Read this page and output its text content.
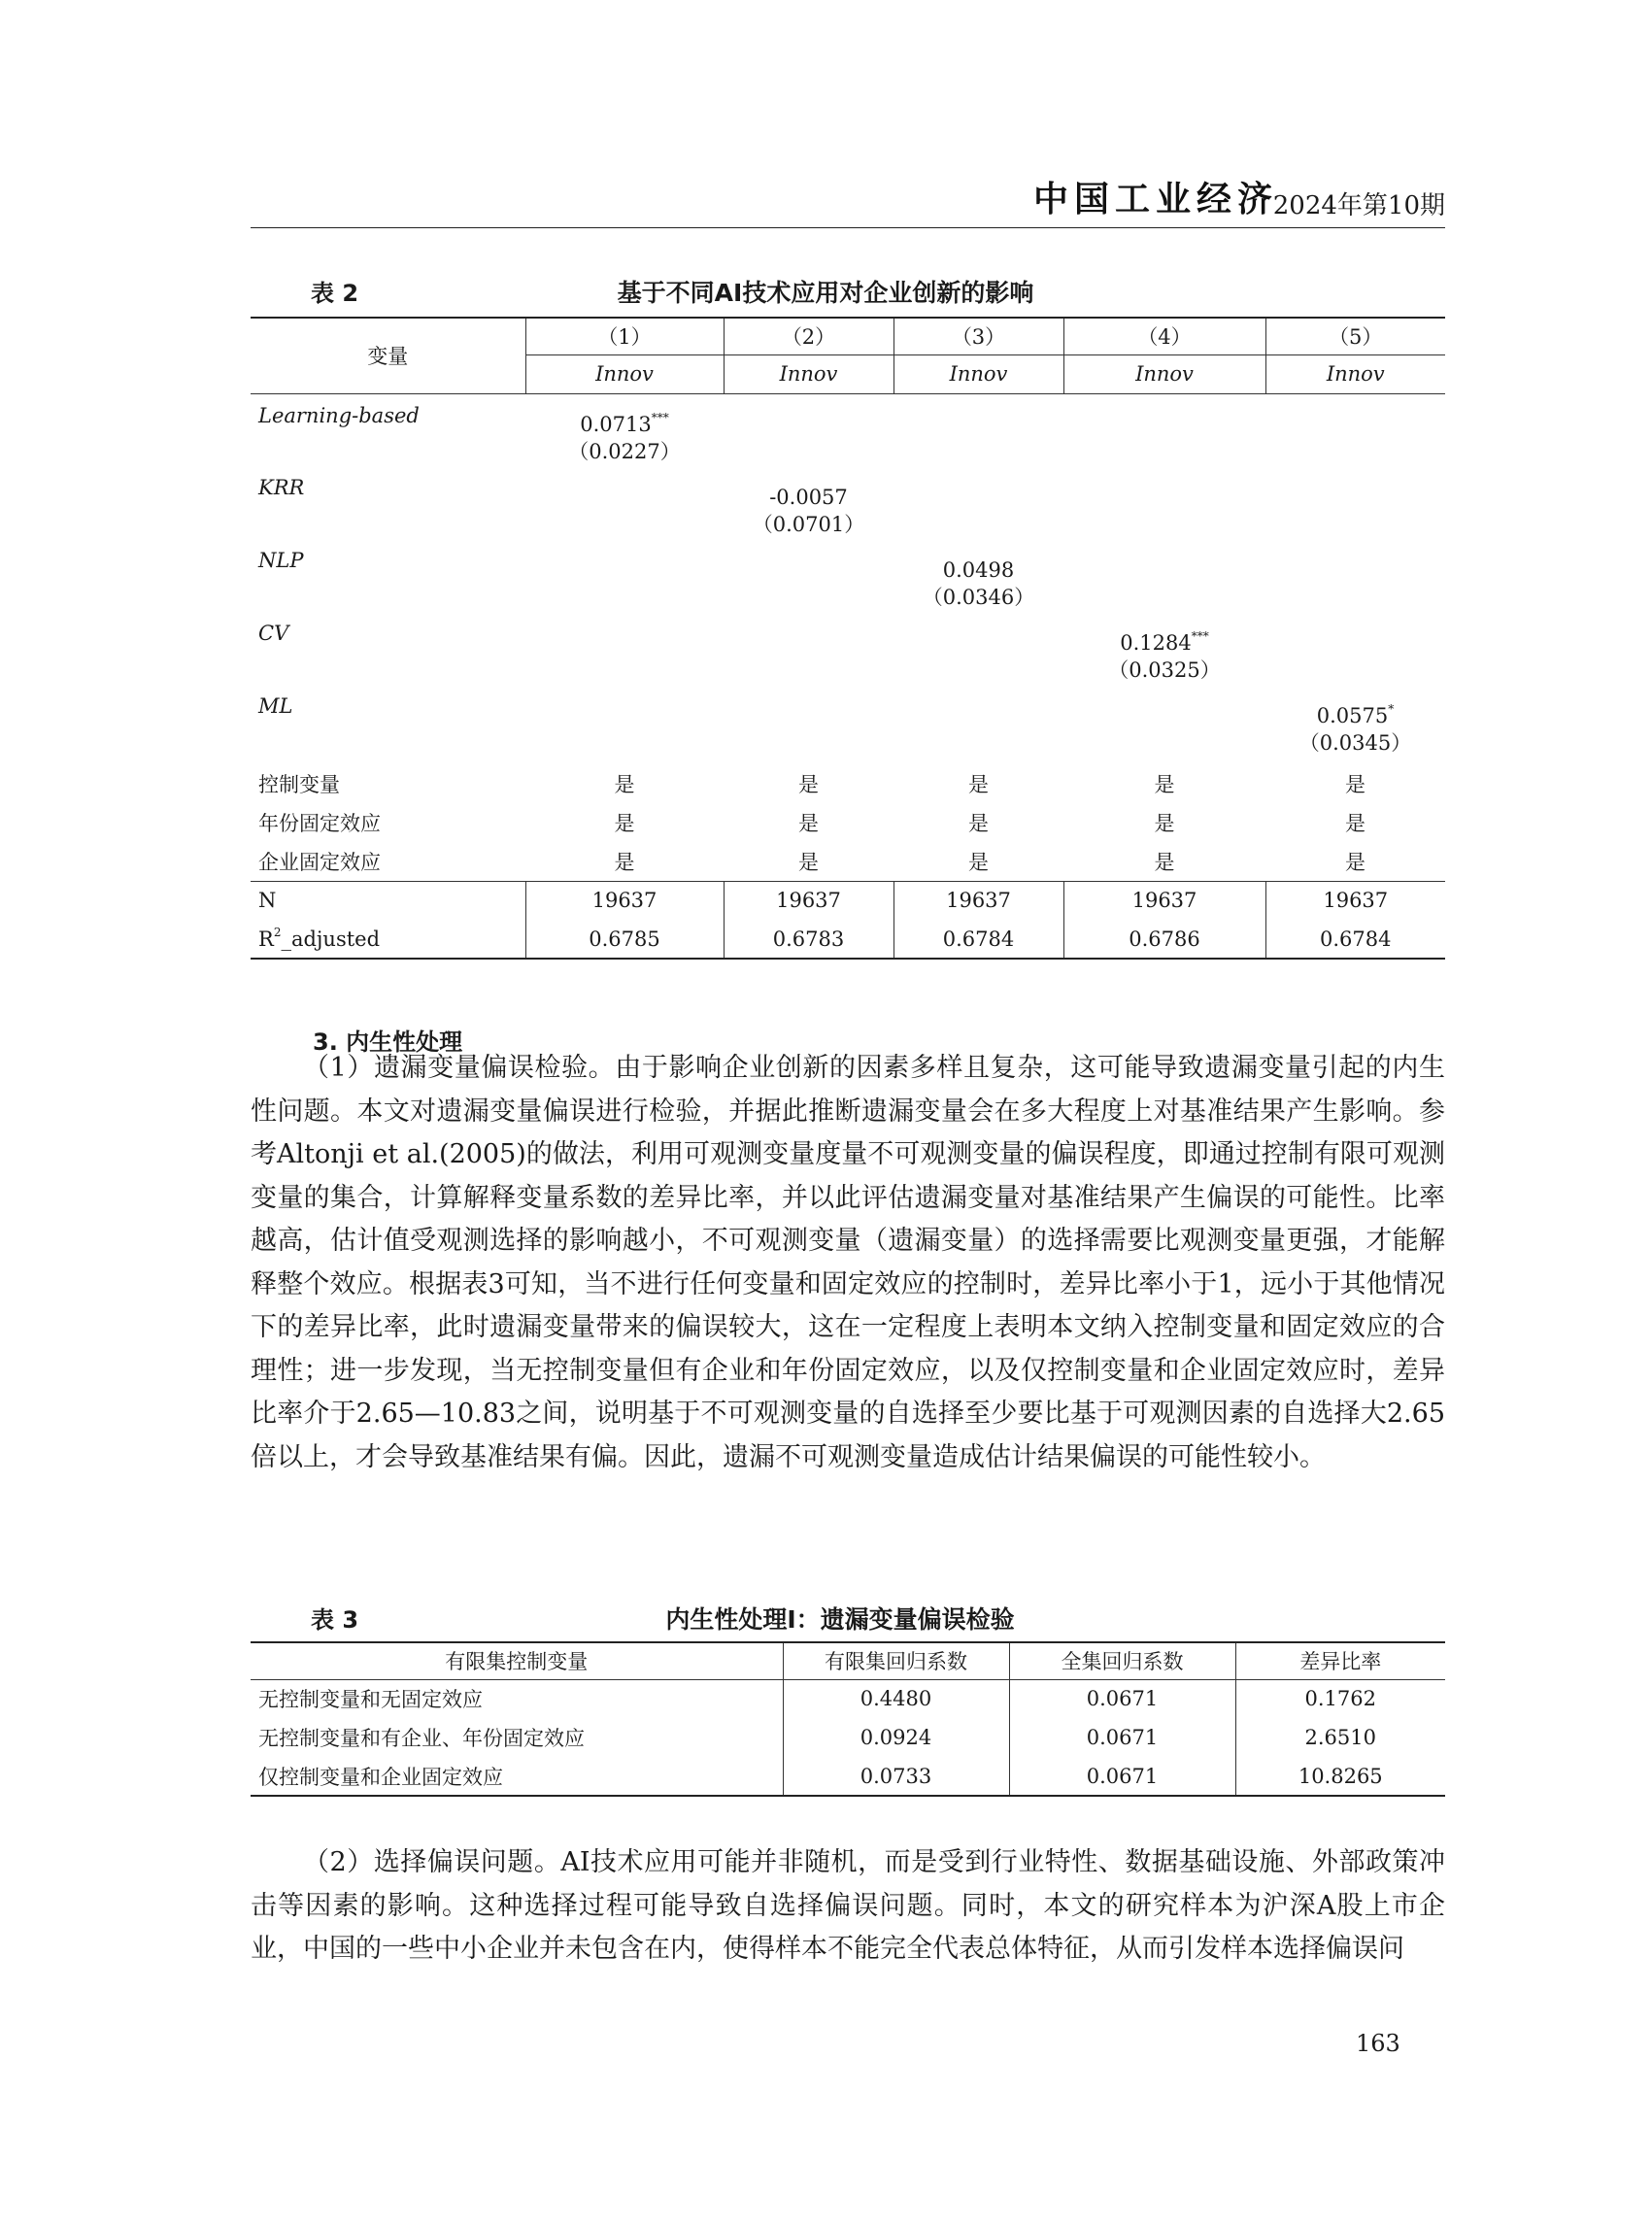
中国工业经济
2024年第10期
表 2	基于不同AI技术应用对企业创新的影响
变量	（1）	（2）	（3）	（4）	（5）
	Innov	Innov	Innov	Innov	Innov
Learning-based	0.0713***				
	（0.0227）				
KRR		-0.0057			
		（0.0701）			
NLP			0.0498		
			（0.0346）		
CV				0.1284***	
				（0.0325）	
ML					0.0575*
					（0.0345）
控制变量	是	是	是	是	是
年份固定效应	是	是	是	是	是
企业固定效应	是	是	是	是	是
N	19637	19637	19637	19637	19637
$R^2\_adjusted$	0.6785	0.6783	0.6784	0.6786	0.6784
3. 内生性处理
（1）遗漏变量偏误检验。由于影响企业创新的因素多样且复杂，这可能导致遗漏变量引起的内生性问题。本文对遗漏变量偏误进行检验，并据此推断遗漏变量会在多大程度上对基准结果产生影响。参考Altonji et al.(2005)的做法，利用可观测变量度量不可观测变量的偏误程度，即通过控制有限可观测变量的集合，计算解释变量系数的差异比率，并以此评估遗漏变量对基准结果产生偏误的可能性。比率越高，估计值受观测选择的影响越小，不可观测变量（遗漏变量）的选择需要比观测变量更强，才能解释整个效应。根据表3可知，当不进行任何变量和固定效应的控制时，差异比率小于1，远小于其他情况下的差异比率，此时遗漏变量带来的偏误较大，这在一定程度上表明本文纳入控制变量和固定效应的合理性；进一步发现，当无控制变量但有企业和年份固定效应，以及仅控制变量和企业固定效应时，差异比率介于2.65—10.83之间，说明基于不可观测变量的自选择至少要比基于可观测因素的自选择大2.65倍以上，才会导致基准结果有偏。因此，遗漏不可观测变量造成估计结果偏误的可能性较小。
表 3	内生性处理Ⅰ：遗漏变量偏误检验
有限集控制变量	有限集回归系数	全集回归系数	差异比率
无控制变量和无固定效应	0.4480	0.0671	0.1762
无控制变量和有企业、年份固定效应	0.0924	0.0671	2.6510
仅控制变量和企业固定效应	0.0733	0.0671	10.8265
（2）选择偏误问题。AI技术应用可能并非随机，而是受到行业特性、数据基础设施、外部政策冲击等因素的影响。这种选择过程可能导致自选择偏误问题。同时，本文的研究样本为沪深A股上市企业，中国的一些中小企业并未包含在内，使得样本不能完全代表总体特征，从而引发样本选择偏误问
163
